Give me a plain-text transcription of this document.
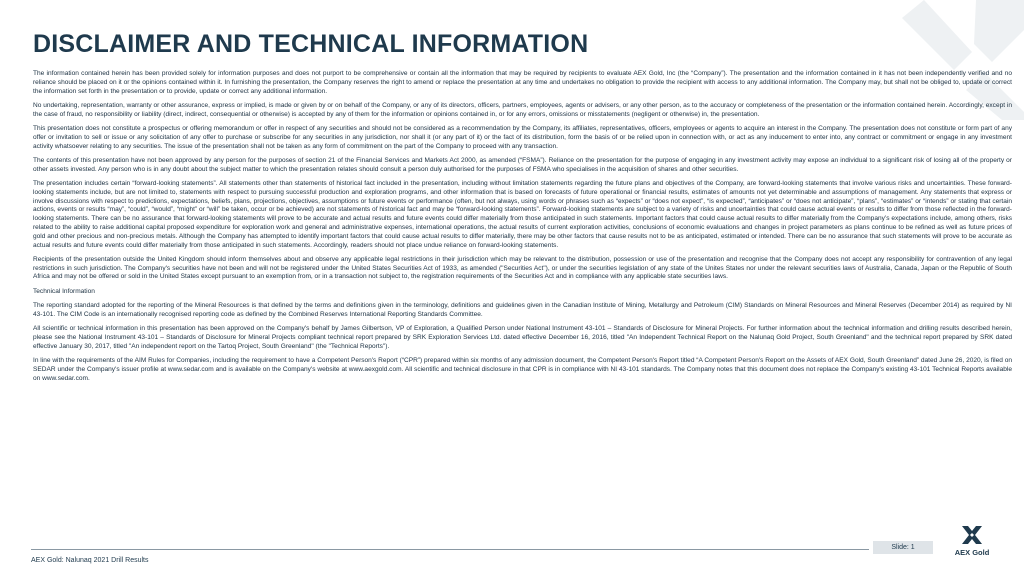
DISCLAIMER AND TECHNICAL INFORMATION

The information contained herein has been provided solely for information purposes and does not purport to be comprehensive or contain all the information that may be required by recipients to evaluate AEX Gold, Inc (the “Company”). The presentation and the information contained in it has not been independently verified and no reliance should be placed on it or the opinions contained within it. In furnishing the presentation, the Company reserves the right to amend or replace the presentation at any time and undertakes no obligation to provide the recipient with access to any additional information. The Company may, but shall not be obliged to, update or correct the information set forth in the presentation or to provide, update or correct any additional information.

No undertaking, representation, warranty or other assurance, express or implied, is made or given by or on behalf of the Company, or any of its directors, officers, partners, employees, agents or advisers, or any other person, as to the accuracy or completeness of the presentation or the information contained herein. Accordingly, except in the case of fraud, no responsibility or liability (direct, indirect, consequential or otherwise) is accepted by any of them for the information or opinions contained in, or for any errors, omissions or misstatements (negligent or otherwise) in, the presentation.

This presentation does not constitute a prospectus or offering memorandum or offer in respect of any securities and should not be considered as a recommendation by the Company, its affiliates, representatives, officers, employees or agents to acquire an interest in the Company. The presentation does not constitute or form part of any offer or invitation to sell or issue or any solicitation of any offer to purchase or subscribe for any securities in any jurisdiction, nor shall it (or any part of it) or the fact of its distribution, form the basis of or be relied upon in connection with, or act as any inducement to enter into, any contract or commitment or engage in any investment activity whatsoever relating to any securities. The issue of the presentation shall not be taken as any form of commitment on the part of the Company to proceed with any transaction.

The contents of this presentation have not been approved by any person for the purposes of section 21 of the Financial Services and Markets Act 2000, as amended (“FSMA”). Reliance on the presentation for the purpose of engaging in any investment activity may expose an individual to a significant risk of losing all of the property or other assets invested. Any person who is in any doubt about the subject matter to which the presentation relates should consult a person duly authorised for the purposes of FSMA who specialises in the acquisition of shares and other securities.

The presentation includes certain “forward-looking statements”. All statements other than statements of historical fact included in the presentation, including without limitation statements regarding the future plans and objectives of the Company, are forward-looking statements that involve various risks and uncertainties. These forward-looking statements include, but are not limited to, statements with respect to pursuing successful production and exploration programs, and other information that is based on forecasts of future operational or financial results, estimates of amounts not yet determinable and assumptions of management. Any statements that express or involve discussions with respect to predictions, expectations, beliefs, plans, projections, objectives, assumptions or future events or performance (often, but not always, using words or phrases such as “expects” or “does not expect”, “is expected”, “anticipates” or “does not anticipate”, “plans”, “estimates” or “intends” or stating that certain actions, events or results “may”, “could”, “would”, “might” or “will” be taken, occur or be achieved) are not statements of historical fact and may be “forward-looking statements”. Forward-looking statements are subject to a variety of risks and uncertainties that could cause actual events or results to differ from those reflected in the forward-looking statements. There can be no assurance that forward-looking statements will prove to be accurate and actual results and future events could differ materially from those anticipated in such statements. Important factors that could cause actual results to differ materially from the Company’s expectations include, among others, risks related to the ability to raise additional capital proposed expenditure for exploration work and general and administrative expenses, international operations, the actual results of current exploration activities, conclusions of economic evaluations and changes in project parameters as plans continue to be refined as well as future prices of gold and other precious and non-precious metals. Although the Company has attempted to identify important factors that could cause actual results to differ materially, there may be other factors that cause results not to be as anticipated, estimated or intended. There can be no assurance that such statements will prove to be accurate as actual results and future events could differ materially from those anticipated in such statements. Accordingly, readers should not place undue reliance on forward-looking statements.

Recipients of the presentation outside the United Kingdom should inform themselves about and observe any applicable legal restrictions in their jurisdiction which may be relevant to the distribution, possession or use of the presentation and recognise that the Company does not accept any responsibility for contravention of any legal restrictions in such jurisdiction. The Company's securities have not been and will not be registered under the United States Securities Act of 1933, as amended ("Securities Act"), or under the securities legislation of any state of the Unites States nor under the relevant securities laws of Australia, Canada, Japan or the Republic of South Africa and may not be offered or sold in the United States except pursuant to an exemption from, or in a transaction not subject to, the registration requirements of the Securities Act and in compliance with any applicable state securities laws.

Technical Information

The reporting standard adopted for the reporting of the Mineral Resources is that defined by the terms and definitions given in the terminology, definitions and guidelines given in the Canadian Institute of Mining, Metallurgy and Petroleum (CIM) Standards on Mineral Resources and Mineral Reserves (December 2014) as required by NI 43-101. The CIM Code is an internationally recognised reporting code as defined by the Combined Reserves International Reporting Standards Committee.

All scientific or technical information in this presentation has been approved on the Company's behalf by James Gilbertson, VP of Exploration, a Qualified Person under National Instrument 43-101 – Standards of Disclosure for Mineral Projects. For further information about the technical information and drilling results described herein, please see the National Instrument 43-101 – Standards of Disclosure for Mineral Projects compliant technical report prepared by SRK Exploration Services Ltd. dated effective December 16, 2016, titled "An Independent Technical Report on the Nalunaq Gold Project, South Greenland" and the technical report prepared by SRK dated effective January 30, 2017, titled "An independent report on the Tartoq Project, South Greenland" (the "Technical Reports").

In line with the requirements of the AIM Rules for Companies, including the requirement to have a Competent Person's Report (“CPR”) prepared within six months of any admission document, the Competent Person's Report titled “A Competent Person's Report on the Assets of AEX Gold, South Greenland” dated June 26, 2020, is filed on SEDAR under the Company's issuer profile at www.sedar.com and is available on the Company's website at www.aexgold.com. All scientific and technical disclosure in that CPR is in compliance with NI 43-101 standards. The Company notes that this document does not replace the Company's existing 43-101 Technical Reports available on www.sedar.com.

AEX Gold: Nalunaq 2021 Drill Results
Slide: 1
AEX Gold
